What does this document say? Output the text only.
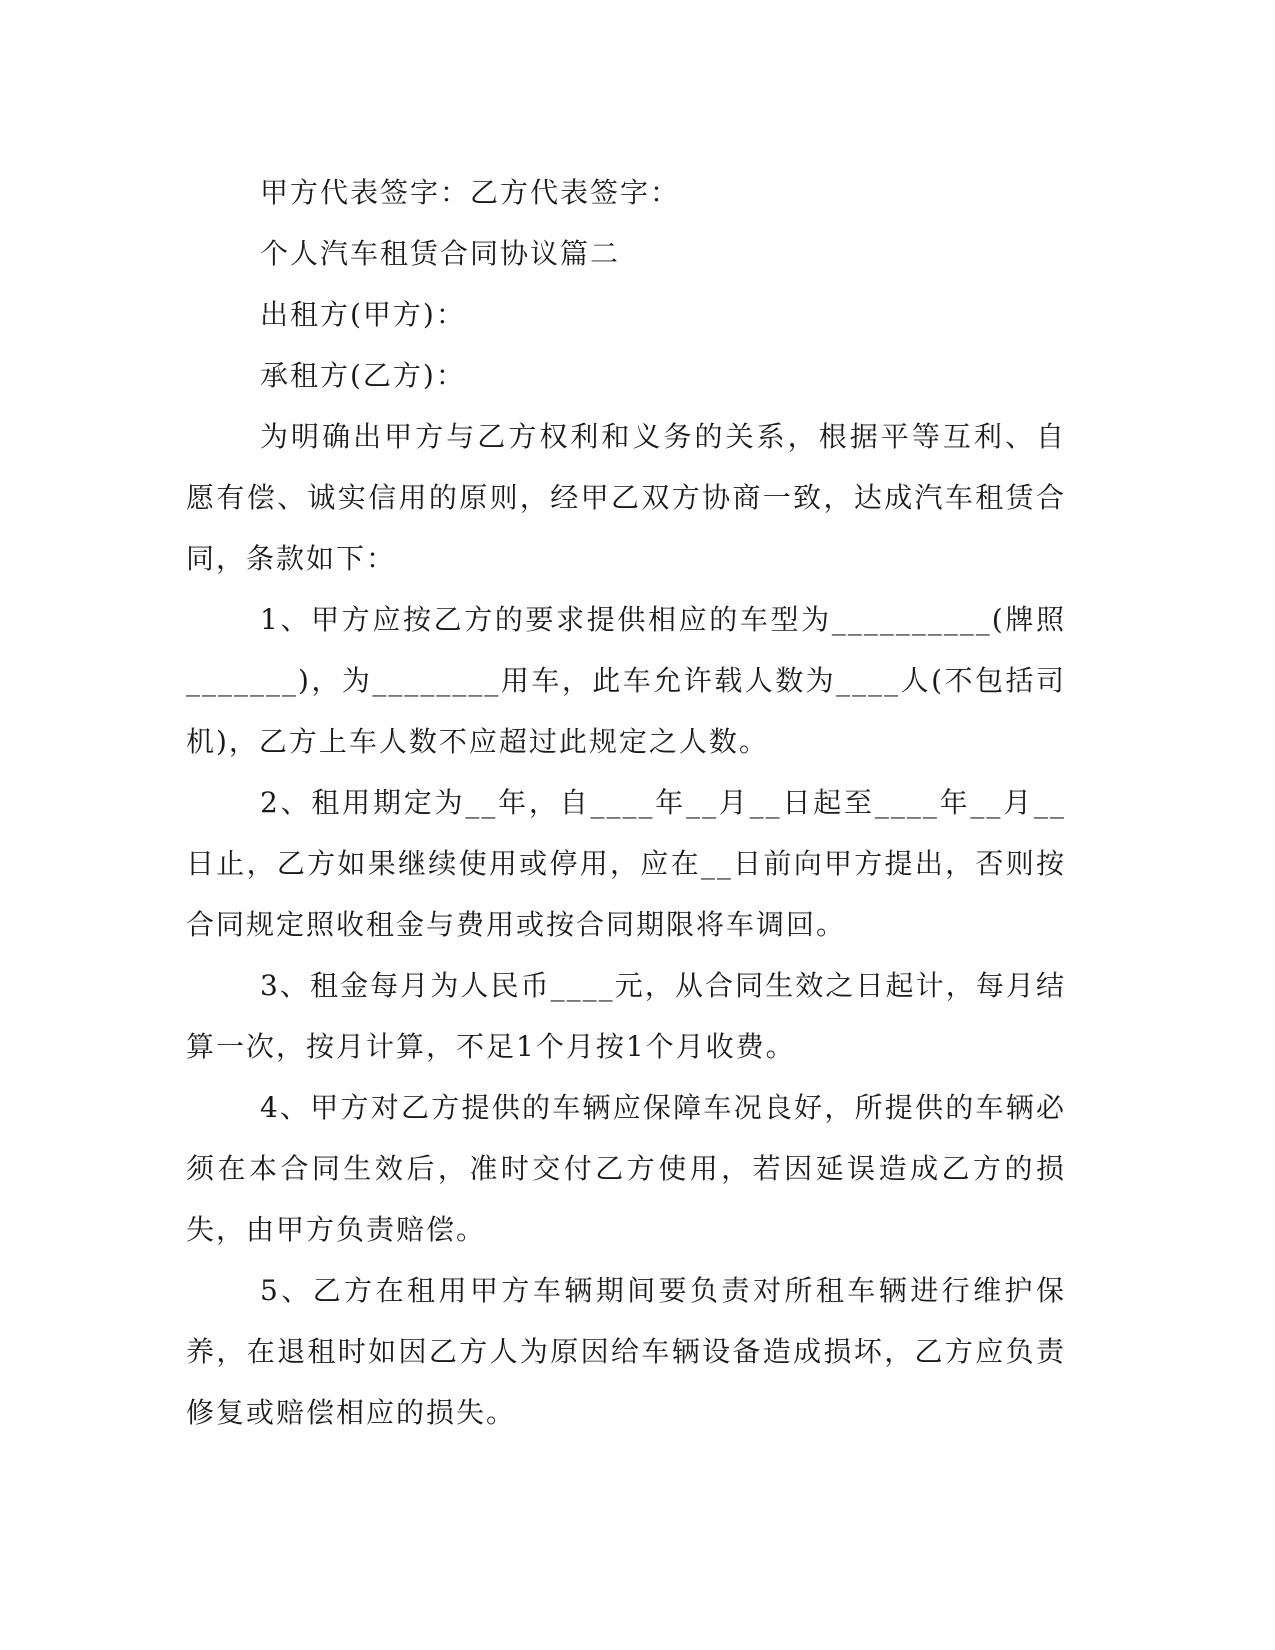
甲方代表签字：乙方代表签字：

个人汽车租赁合同协议篇二

出租方(甲方)：

承租方(乙方)：

为明确出甲方与乙方权利和义务的关系，根据平等互利、自愿有偿、诚实信用的原则，经甲乙双方协商一致，达成汽车租赁合同，条款如下：

1、甲方应按乙方的要求提供相应的车型为__________(牌照_______)，为________用车，此车允许载人数为____人(不包括司机)，乙方上车人数不应超过此规定之人数。

2、租用期定为__年，自____年__月__日起至____年__月__日止，乙方如果继续使用或停用，应在__日前向甲方提出，否则按合同规定照收租金与费用或按合同期限将车调回。

3、租金每月为人民币____元，从合同生效之日起计，每月结算一次，按月计算，不足1个月按1个月收费。

4、甲方对乙方提供的车辆应保障车况良好，所提供的车辆必须在本合同生效后，准时交付乙方使用，若因延误造成乙方的损失，由甲方负责赔偿。

5、乙方在租用甲方车辆期间要负责对所租车辆进行维护保养，在退租时如因乙方人为原因给车辆设备造成损坏，乙方应负责修复或赔偿相应的损失。
